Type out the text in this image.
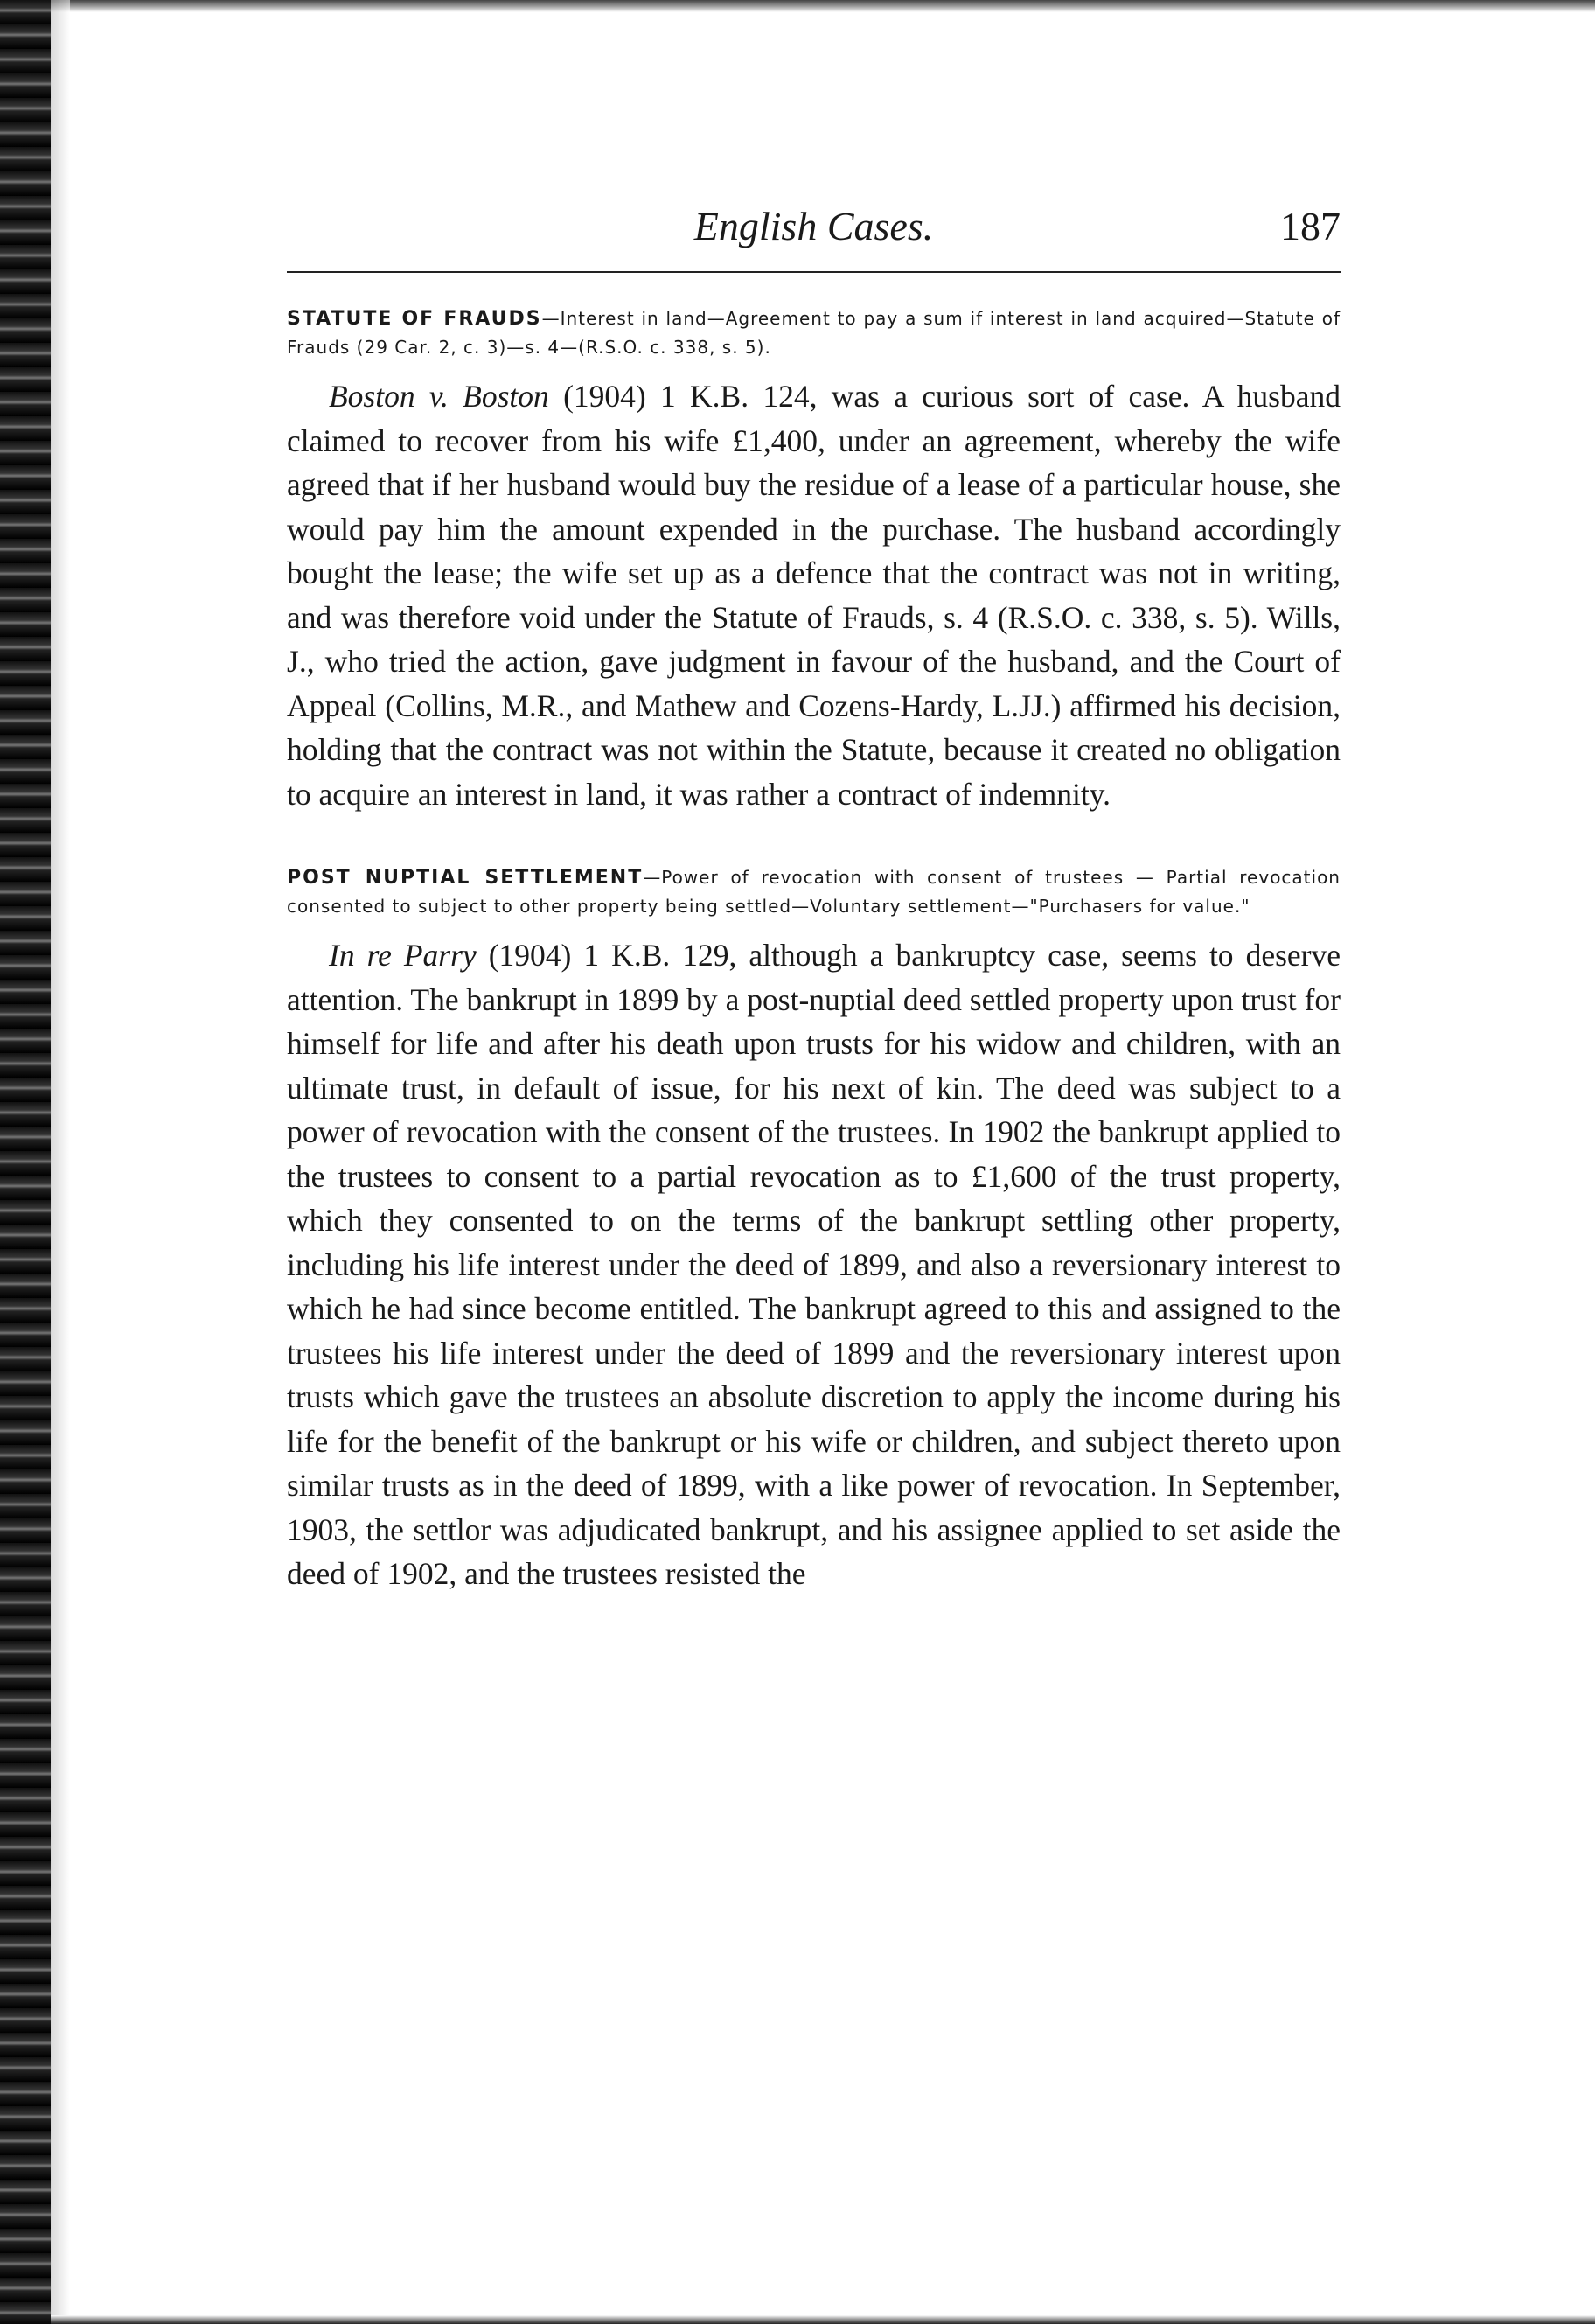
English Cases.	187

STATUTE OF FRAUDS—Interest in land—Agreement to pay a sum if interest in land acquired—Statute of Frauds (29 Car. 2, c. 3)—s. 4—(R.S.O. c. 338, s. 5).

Boston v. Boston (1904) 1 K.B. 124, was a curious sort of case. A husband claimed to recover from his wife £1,400, under an agreement, whereby the wife agreed that if her husband would buy the residue of a lease of a particular house, she would pay him the amount expended in the purchase. The husband accordingly bought the lease; the wife set up as a defence that the contract was not in writing, and was therefore void under the Statute of Frauds, s. 4 (R.S.O. c. 338, s. 5). Wills, J., who tried the action, gave judgment in favour of the husband, and the Court of Appeal (Collins, M.R., and Mathew and Cozens-Hardy, L.JJ.) affirmed his decision, holding that the contract was not within the Statute, because it created no obligation to acquire an interest in land, it was rather a contract of indemnity.

POST NUPTIAL SETTLEMENT—Power of revocation with consent of trustees — Partial revocation consented to subject to other property being settled—Voluntary settlement—"Purchasers for value."

In re Parry (1904) 1 K.B. 129, although a bankruptcy case, seems to deserve attention. The bankrupt in 1899 by a post-nuptial deed settled property upon trust for himself for life and after his death upon trusts for his widow and children, with an ultimate trust, in default of issue, for his next of kin. The deed was subject to a power of revocation with the consent of the trustees. In 1902 the bankrupt applied to the trustees to consent to a partial revocation as to £1,600 of the trust property, which they consented to on the terms of the bankrupt settling other property, including his life interest under the deed of 1899, and also a reversionary interest to which he had since become entitled. The bankrupt agreed to this and assigned to the trustees his life interest under the deed of 1899 and the reversionary interest upon trusts which gave the trustees an absolute discretion to apply the income during his life for the benefit of the bankrupt or his wife or children, and subject thereto upon similar trusts as in the deed of 1899, with a like power of revocation. In September, 1903, the settlor was adjudicated bankrupt, and his assignee applied to set aside the deed of 1902, and the trustees resisted the
